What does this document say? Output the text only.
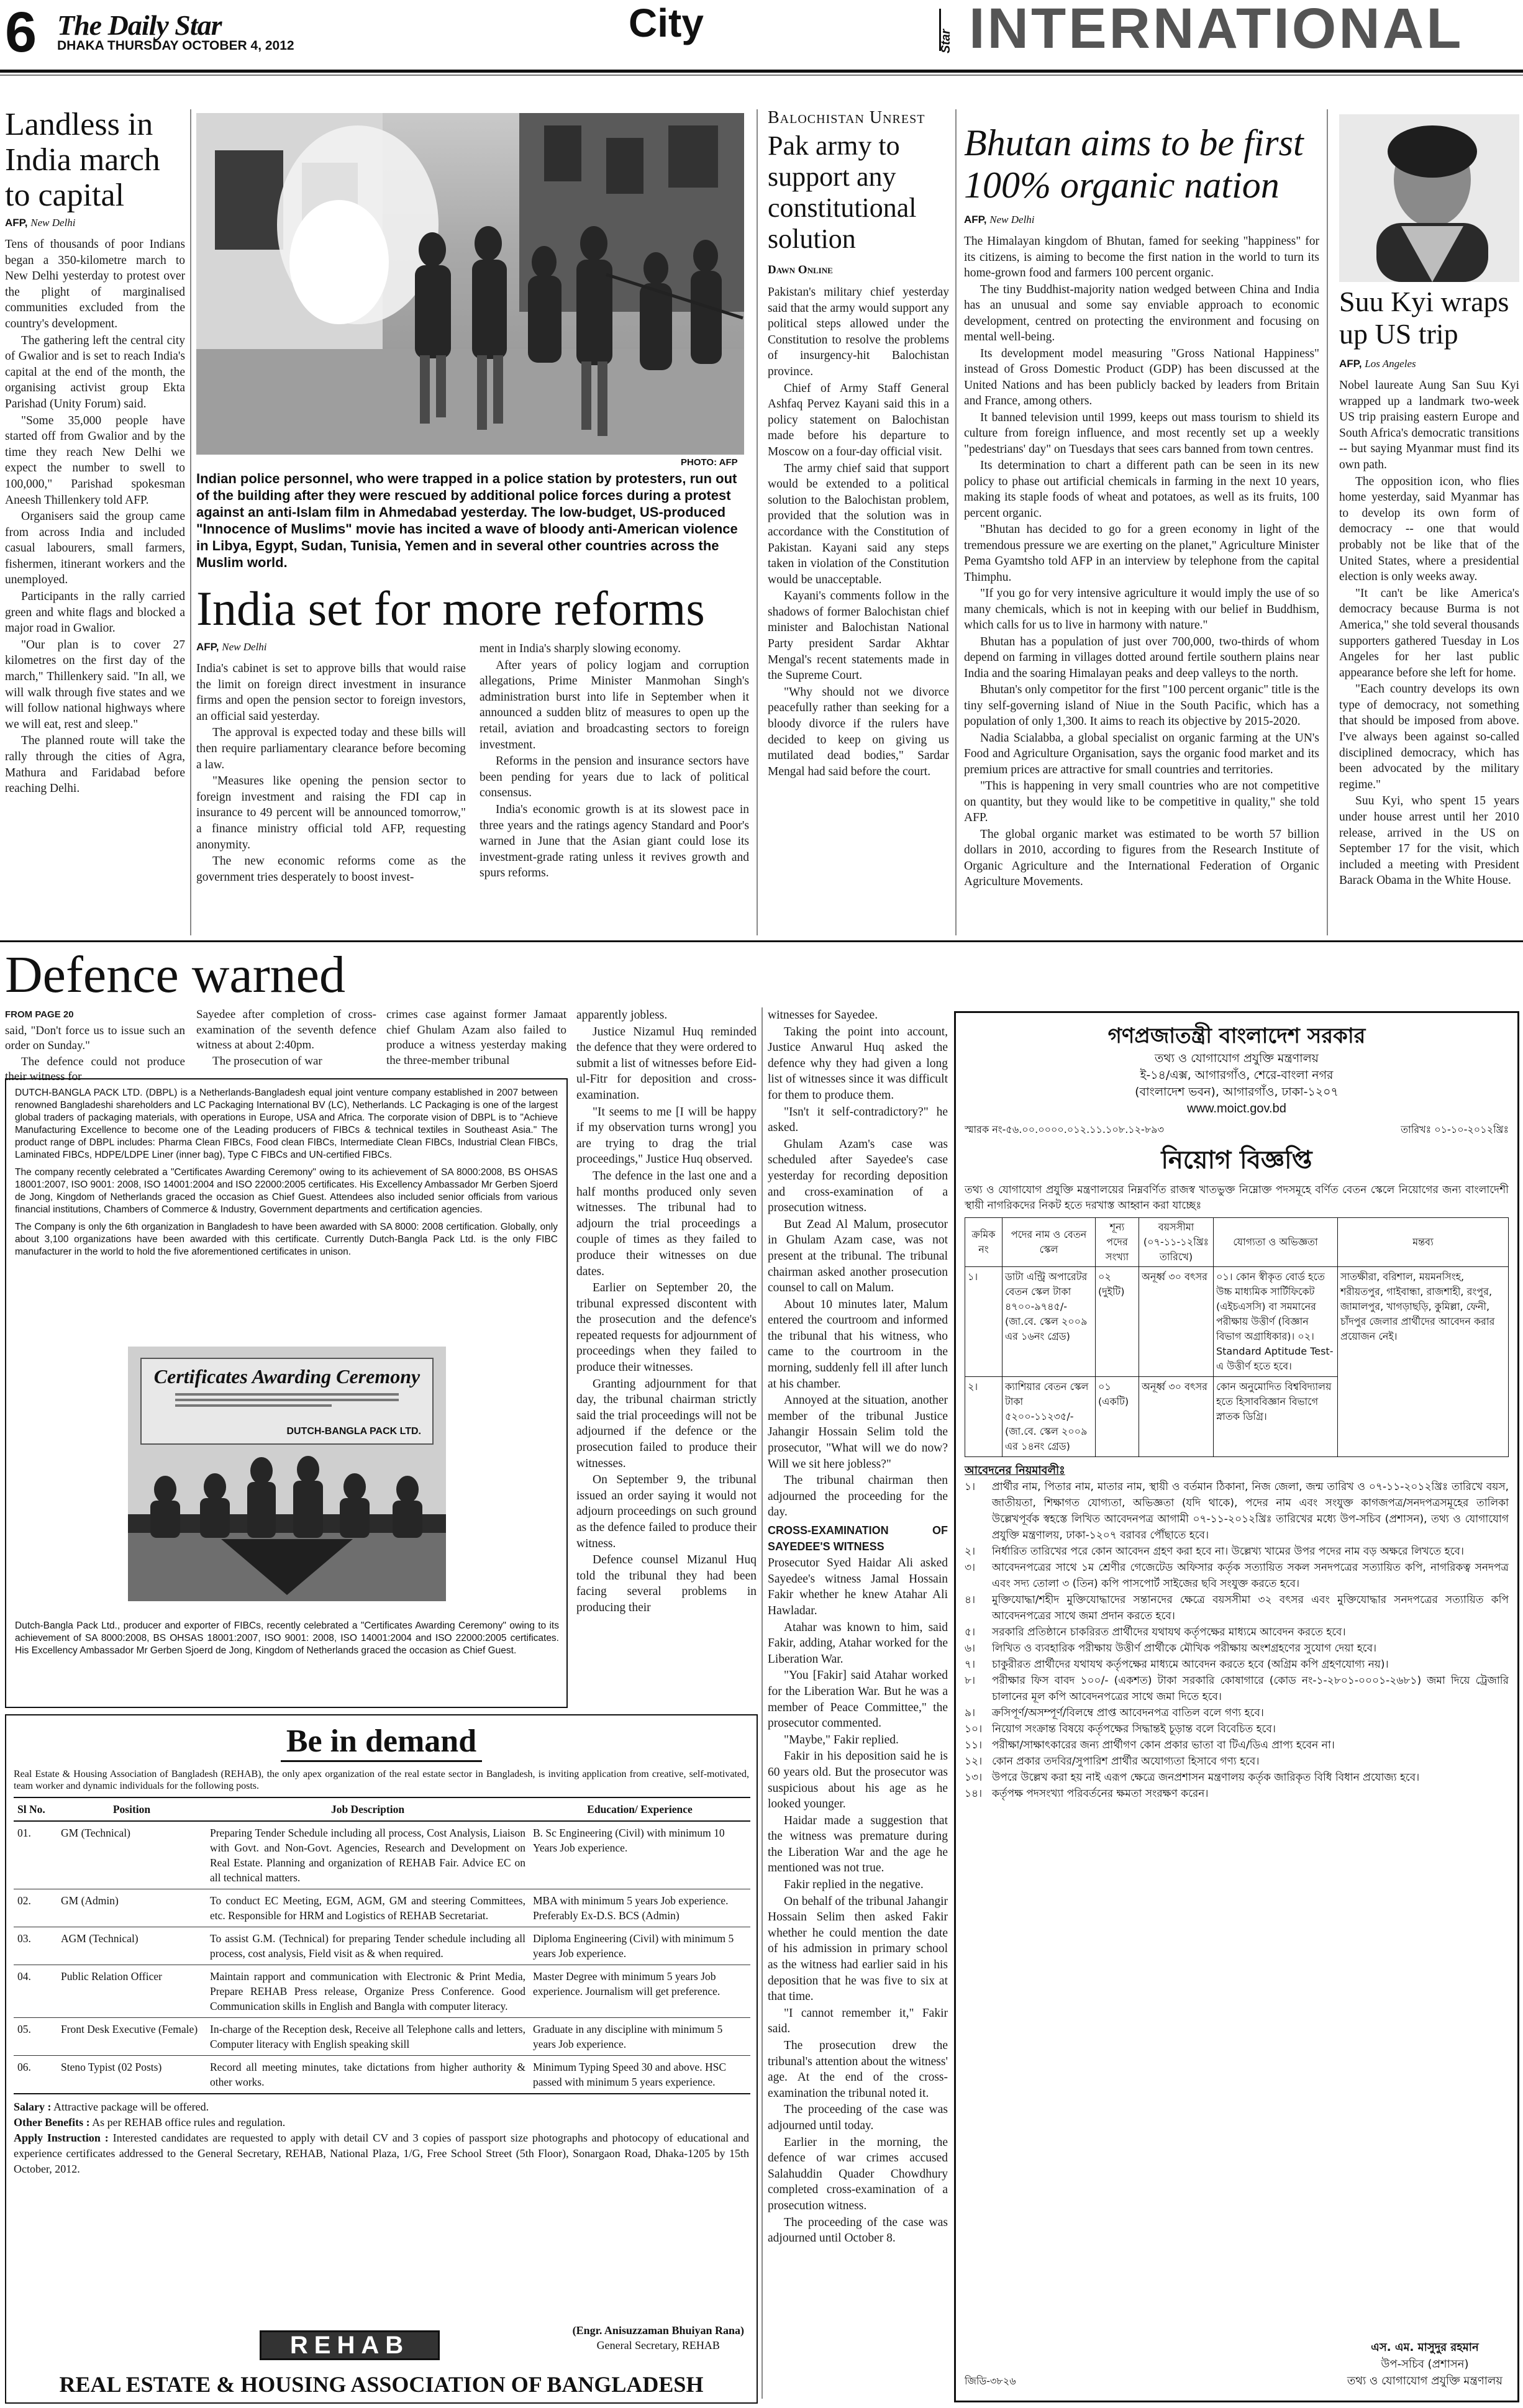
6 The Daily Star
DHAKA THURSDAY OCTOBER 4, 2012
City	Star INTERNATIONAL
Landless in India march to capital
AFP, New Delhi

Tens of thousands of poor Indians began a 350-kilometre march to New Delhi yesterday to protest over the plight of marginalised communities excluded from the country's development.

The gathering left the central city of Gwalior and is set to reach India's capital at the end of the month, the organising activist group Ekta Parishad (Unity Forum) said.

"Some 35,000 people have started off from Gwalior and by the time they reach New Delhi we expect the number to swell to 100,000," Parishad spokesman Aneesh Thillenkery told AFP.

Organisers said the group came from across India and included casual labourers, small farmers, fishermen, itinerant workers and the unemployed.

Participants in the rally carried green and white flags and blocked a major road in Gwalior.

"Our plan is to cover 27 kilometres on the first day of the march," Thillenkery said. "In all, we will walk through five states and we will follow national highways where we will eat, rest and sleep."

The planned route will take the rally through the cities of Agra, Mathura and Faridabad before reaching Delhi.

PHOTO: AFP
Indian police personnel, who were trapped in a police station by protesters, run out of the building after they were rescued by additional police forces during a protest against an anti-Islam film in Ahmedabad yesterday. The low-budget, US-produced "Innocence of Muslims" movie has incited a wave of bloody anti-American violence in Libya, Egypt, Sudan, Tunisia, Yemen and in several other countries across the Muslim world.
India set for more reforms
AFP, New Delhi

India's cabinet is set to approve bills that would raise the limit on foreign direct investment in insurance firms and open the pension sector to foreign investors, an official said yesterday.

The approval is expected today and these bills will then require parliamentary clearance before becoming a law.

"Measures like opening the pension sector to foreign investment and raising the FDI cap in insurance to 49 percent will be announced tomorrow," a finance ministry official told AFP, requesting anonymity.

The new economic reforms come as the government tries desperately to boost invest-

ment in India's sharply slowing economy.

After years of policy logjam and corruption allegations, Prime Minister Manmohan Singh's administration burst into life in September when it announced a sudden blitz of measures to open up the retail, aviation and broadcasting sectors to foreign investment.

Reforms in the pension and insurance sectors have been pending for years due to lack of political consensus.

India's economic growth is at its slowest pace in three years and the ratings agency Standard and Poor's warned in June that the Asian giant could lose its investment-grade rating unless it revives growth and spurs reforms.

Balochistan Unrest
Pak army to support any constitutional solution
Dawn Online

Pakistan's military chief yesterday said that the army would support any political steps allowed under the Constitution to resolve the problems of insurgency-hit Balochistan province.

Chief of Army Staff General Ashfaq Pervez Kayani said this in a policy statement on Balochistan made before his departure to Moscow on a four-day official visit.

The army chief said that support would be extended to a political solution to the Balochistan problem, provided that the solution was in accordance with the Constitution of Pakistan. Kayani said any steps taken in violation of the Constitution would be unacceptable.

Kayani's comments follow in the shadows of former Balochistan chief minister and Balochistan National Party president Sardar Akhtar Mengal's recent statements made in the Supreme Court.

"Why should not we divorce peacefully rather than seeking for a bloody divorce if the rulers have decided to keep on giving us mutilated dead bodies," Sardar Mengal had said before the court.

Bhutan aims to be first 100% organic nation
AFP, New Delhi

The Himalayan kingdom of Bhutan, famed for seeking "happiness" for its citizens, is aiming to become the first nation in the world to turn its home-grown food and farmers 100 percent organic.

The tiny Buddhist-majority nation wedged between China and India has an unusual and some say enviable approach to economic development, centred on protecting the environment and focusing on mental well-being.

Its development model measuring "Gross National Happiness" instead of Gross Domestic Product (GDP) has been discussed at the United Nations and has been publicly backed by leaders from Britain and France, among others.

It banned television until 1999, keeps out mass tourism to shield its culture from foreign influence, and most recently set up a weekly "pedestrians' day" on Tuesdays that sees cars banned from town centres.

Its determination to chart a different path can be seen in its new policy to phase out artificial chemicals in farming in the next 10 years, making its staple foods of wheat and potatoes, as well as its fruits, 100 percent organic.

"Bhutan has decided to go for a green economy in light of the tremendous pressure we are exerting on the planet," Agriculture Minister Pema Gyamtsho told AFP in an interview by telephone from the capital Thimphu.

"If you go for very intensive agriculture it would imply the use of so many chemicals, which is not in keeping with our belief in Buddhism, which calls for us to live in harmony with nature."

Bhutan has a population of just over 700,000, two-thirds of whom depend on farming in villages dotted around fertile southern plains near India and the soaring Himalayan peaks and deep valleys to the north.

Bhutan's only competitor for the first "100 percent organic" title is the tiny self-governing island of Niue in the South Pacific, which has a population of only 1,300. It aims to reach its objective by 2015-2020.

Nadia Scialabba, a global specialist on organic farming at the UN's Food and Agriculture Organisation, says the organic food market and its premium prices are attractive for small countries and territories.

"This is happening in very small countries who are not competitive on quantity, but they would like to be competitive in quality," she told AFP.

The global organic market was estimated to be worth 57 billion dollars in 2010, according to figures from the Research Institute of Organic Agriculture and the International Federation of Organic Agriculture Movements.

Suu Kyi wraps up US trip
AFP, Los Angeles

Nobel laureate Aung San Suu Kyi wrapped up a landmark two-week US trip praising eastern Europe and South Africa's democratic transitions -- but saying Myanmar must find its own path.

The opposition icon, who flies home yesterday, said Myanmar has to develop its own form of democracy -- one that would probably not be like that of the United States, where a presidential election is only weeks away.

"It can't be like America's democracy because Burma is not America," she told several thousands supporters gathered Tuesday in Los Angeles for her last public appearance before she left for home.

"Each country develops its own type of democracy, not something that should be imposed from above. I've always been against so-called disciplined democracy, which has been advocated by the military regime."

Suu Kyi, who spent 15 years under house arrest until her 2010 release, arrived in the US on September 17 for the visit, which included a meeting with President Barack Obama in the White House.

Defence warned

FROM PAGE 20

said, "Don't force us to issue such an order on Sunday."

The defence could not produce their witness for

Sayedee after completion of cross-examination of the seventh defence witness at about 2:40pm.

The prosecution of war

crimes case against former Jamaat chief Ghulam Azam also failed to produce a witness yesterday making the three-member tribunal

apparently jobless.

Justice Nizamul Huq reminded the defence that they were ordered to submit a list of witnesses before Eid-ul-Fitr for deposition and cross-examination.

"It seems to me [I will be happy if my observation turns wrong] you are trying to drag the trial proceedings," Justice Huq observed.

The defence in the last one and a half months produced only seven witnesses. The tribunal had to adjourn the trial proceedings a couple of times as they failed to produce their witnesses on due dates.

Earlier on September 20, the tribunal expressed discontent with the prosecution and the defence's repeated requests for adjournment of proceedings when they failed to produce their witnesses.

Granting adjournment for that day, the tribunal chairman strictly said the trial proceedings will not be adjourned if the defence or the prosecution failed to produce their witnesses.

On September 9, the tribunal issued an order saying it would not adjourn proceedings on such ground as the defence failed to produce their witness.

Defence counsel Mizanul Huq told the tribunal they had been facing several problems in producing their

witnesses for Sayedee.

Taking the point into account, Justice Anwarul Huq asked the defence why they had given a long list of witnesses since it was difficult for them to produce them.

"Isn't it self-contradictory?" he asked.

Ghulam Azam's case was scheduled after Sayedee's case yesterday for recording deposition and cross-examination of a prosecution witness.

But Zead Al Malum, prosecutor in Ghulam Azam case, was not present at the tribunal. The tribunal chairman asked another prosecution counsel to call on Malum.

About 10 minutes later, Malum entered the courtroom and informed the tribunal that his witness, who came to the courtroom in the morning, suddenly fell ill after lunch at his chamber.

Annoyed at the situation, another member of the tribunal Justice Jahangir Hossain Selim told the prosecutor, "What will we do now? Will we sit here jobless?"

The tribunal chairman then adjourned the proceeding for the day.

CROSS-EXAMINATION OF SAYEDEE'S WITNESS

Prosecutor Syed Haidar Ali asked Sayedee's witness Jamal Hossain Fakir whether he knew Atahar Ali Hawladar.

Atahar was known to him, said Fakir, adding, Atahar worked for the Liberation War.

"You [Fakir] said Atahar worked for the Liberation War. But he was a member of Peace Committee," the prosecutor commented.

"Maybe," Fakir replied.

Fakir in his deposition said he is 60 years old. But the prosecutor was suspicious about his age as he looked younger.

Haidar made a suggestion that the witness was premature during the Liberation War and the age he mentioned was not true.

Fakir replied in the negative.

On behalf of the tribunal Jahangir Hossain Selim then asked Fakir whether he could mention the date of his admission in primary school as the witness had earlier said in his deposition that he was five to six at that time.

"I cannot remember it," Fakir said.

The prosecution drew the tribunal's attention about the witness' age. At the end of the cross-examination the tribunal noted it.

The proceeding of the case was adjourned until today.

Earlier in the morning, the defence of war crimes accused Salahuddin Quader Chowdhury completed cross-examination of a prosecution witness.

The proceeding of the case was adjourned until October 8.

DUTCH-BANGLA PACK LTD. (DBPL) is a Netherlands-Bangladesh equal joint venture company established in 2007 between renowned Bangladeshi shareholders and LC Packaging International BV (LC), Netherlands. LC Packaging is one of the largest global traders of packaging materials, with operations in Europe, USA and Africa. The corporate vision of DBPL is to "Achieve Manufacturing Excellence to become one of the Leading producers of FIBCs & technical textiles in Southeast Asia." The product range of DBPL includes: Pharma Clean FIBCs, Food clean FIBCs, Intermediate Clean FIBCs, Industrial Clean FIBCs, Laminated FIBCs, HDPE/LDPE Liner (inner bag), Type C FIBCs and UN-certified FIBCs.

The company recently celebrated a "Certificates Awarding Ceremony" owing to its achievement of SA 8000:2008, BS OHSAS 18001:2007, ISO 9001: 2008, ISO 14001:2004 and ISO 22000:2005 certificates. His Excellency Ambassador Mr Gerben Sjoerd de Jong, Kingdom of Netherlands graced the occasion as Chief Guest. Attendees also included senior officials from various financial institutions, Chambers of Commerce & Industry, Government departments and certification agencies.

The Company is only the 6th organization in Bangladesh to have been awarded with SA 8000: 2008 certification. Globally, only about 3,100 organizations have been awarded with this certificate. Currently Dutch-Bangla Pack Ltd. is the only FIBC manufacturer in the world to hold the five aforementioned certificates in unison.

Certificates Awarding Ceremony
DUTCH-BANGLA PACK LTD.
Dutch-Bangla Pack Ltd., producer and exporter of FIBCs, recently celebrated a "Certificates Awarding Ceremony" owing to its achievement of SA 8000:2008, BS OHSAS 18001:2007, ISO 9001: 2008, ISO 14001:2004 and ISO 22000:2005 certificates. His Excellency Ambassador Mr Gerben Sjoerd de Jong, Kingdom of Netherlands graced the occasion as Chief Guest.
Be in demand
Real Estate & Housing Association of Bangladesh (REHAB), the only apex organization of the real estate sector in Bangladesh, is inviting application from creative, self-motivated, team worker and dynamic individuals for the following posts.
Sl No.	Position	Job Description	Education/ Experience
01.	GM (Technical)	Preparing Tender Schedule including all process, Cost Analysis, Liaison with Govt. and Non-Govt. Agencies, Research and Development on Real Estate. Planning and organization of REHAB Fair. Advice EC on all technical matters.	B. Sc Engineering (Civil) with minimum 10 Years Job experience.
02.	GM (Admin)	To conduct EC Meeting, EGM, AGM, GM and steering Committees, etc. Responsible for HRM and Logistics of REHAB Secretariat.	MBA with minimum 5 years Job experience. Preferably Ex-D.S. BCS (Admin)
03.	AGM (Technical)	To assist G.M. (Technical) for preparing Tender schedule including all process, cost analysis, Field visit as & when required.	Diploma Engineering (Civil) with minimum 5 years Job experience.
04.	Public Relation Officer	Maintain rapport and communication with Electronic & Print Media, Prepare REHAB Press release, Organize Press Conference. Good Communication skills in English and Bangla with computer literacy.	Master Degree with minimum 5 years Job experience. Journalism will get preference.
05.	Front Desk Executive (Female)	In-charge of the Reception desk, Receive all Telephone calls and letters, Computer literacy with English speaking skill	Graduate in any discipline with minimum 5 years Job experience.
06.	Steno Typist (02 Posts)	Record all meeting minutes, take dictations from higher authority & other works.	Minimum Typing Speed 30 and above. HSC passed with minimum 5 years experience.
Salary : Attractive package will be offered.
Other Benefits : As per REHAB office rules and regulation.
Apply Instruction : Interested candidates are requested to apply with detail CV and 3 copies of passport size photographs and photocopy of educational and experience certificates addressed to the General Secretary, REHAB, National Plaza, 1/G, Free School Street (5th Floor), Sonargaon Road, Dhaka-1205 by 15th October, 2012.
(Engr. Anisuzzaman Bhuiyan Rana)
General Secretary, REHAB
REHAB
REAL ESTATE & HOUSING ASSOCIATION OF BANGLADESH
গণপ্রজাতন্ত্রী বাংলাদেশ সরকার
তথ্য ও যোগাযোগ প্রযুক্তি মন্ত্রণালয়
ই-১৪/এক্স, আগারগাঁও, শেরে-বাংলা নগর
(বাংলাদেশ ভবন), আগারগাঁও, ঢাকা-১২০৭
www.moict.gov.bd
স্মারক নং-৫৬.০০.০০০০.০১২.১১.১০৮.১২-৮৯৩	তারিখঃ ০১-১০-২০১২খ্রিঃ
নিয়োগ বিজ্ঞপ্তি
তথ্য ও যোগাযোগ প্রযুক্তি মন্ত্রণালয়ের নিম্নবর্ণিত রাজস্ব খাতভুক্ত নিম্নোক্ত পদসমূহে বর্ণিত বেতন স্কেলে নিয়োগের জন্য বাংলাদেশী স্থায়ী নাগরিকদের নিকট হতে দরখাস্ত আহ্বান করা যাচ্ছেঃ
ক্রমিক নং	পদের নাম ও বেতন স্কেল	শূন্য পদের সংখ্যা	বয়সসীমা (০৭-১১-১২খ্রিঃ তারিখে)	যোগ্যতা ও অভিজ্ঞতা	মন্তব্য
১।	ডাটা এন্ট্রি অপারেটর বেতন স্কেল টাকা ৪৭০০-৯৭৪৫/- (জা.বে. স্কেল ২০০৯ এর ১৬নং গ্রেড)	০২ (দুইটি)	অনূর্ধ্ব ৩০ বৎসর	০১। কোন স্বীকৃত বোর্ড হতে উচ্চ মাধ্যমিক সার্টিফিকেট (এইচএসসি) বা সমমানের পরীক্ষায় উত্তীর্ণ (বিজ্ঞান বিভাগ অগ্রাধিকার)। ০২। Standard Aptitude Test-এ উত্তীর্ণ হতে হবে।	সাতক্ষীরা, বরিশাল, ময়মনসিংহ, শরীয়তপুর, গাইবান্ধা, রাজশাহী, রংপুর, জামালপুর, খাগড়াছড়ি, কুমিল্লা, ফেনী, চাঁদপুর জেলার প্রার্থীদের আবেদন করার প্রয়োজন নেই।
২।	ক্যাশিয়ার বেতন স্কেল টাকা ৫২০০-১১২৩৫/- (জা.বে. স্কেল ২০০৯ এর ১৪নং গ্রেড)	০১ (একটি)	অনূর্ধ্ব ৩০ বৎসর	কোন অনুমোদিত বিশ্ববিদ্যালয় হতে হিসাববিজ্ঞান বিভাগে স্নাতক ডিগ্রি।	
আবেদনের নিয়মাবলীঃ
১।	প্রার্থীর নাম, পিতার নাম, মাতার নাম, স্থায়ী ও বর্তমান ঠিকানা, নিজ জেলা, জন্ম তারিখ ও ০৭-১১-২০১২খ্রিঃ তারিখে বয়স, জাতীয়তা, শিক্ষাগত যোগ্যতা, অভিজ্ঞতা (যদি থাকে), পদের নাম এবং সংযুক্ত কাগজপত্র/সনদপত্রসমূহের তালিকা উল্লেখপূর্বক স্বহস্তে লিখিত আবেদনপত্র আগামী ০৭-১১-২০১২খ্রিঃ তারিখের মধ্যে উপ-সচিব (প্রশাসন), তথ্য ও যোগাযোগ প্রযুক্তি মন্ত্রণালয়, ঢাকা-১২০৭ বরাবর পৌঁছাতে হবে।
২।	নির্ধারিত তারিখের পরে কোন আবেদন গ্রহণ করা হবে না। উল্লেখ্য খামের উপর পদের নাম বড় অক্ষরে লিখতে হবে।
৩।	আবেদনপত্রের সাথে ১ম শ্রেণীর গেজেটেড অফিসার কর্তৃক সত্যায়িত সকল সনদপত্রের সত্যায়িত কপি, নাগরিকত্ব সনদপত্র এবং সদ্য তোলা ৩ (তিন) কপি পাসপোর্ট সাইজের ছবি সংযুক্ত করতে হবে।
৪।	মুক্তিযোদ্ধা/শহীদ মুক্তিযোদ্ধাদের সন্তানদের ক্ষেত্রে বয়সসীমা ৩২ বৎসর এবং মুক্তিযোদ্ধার সনদপত্রের সত্যায়িত কপি আবেদনপত্রের সাথে জমা প্রদান করতে হবে।
৫।	সরকারি প্রতিষ্ঠানে চাকরিরত প্রার্থীদের যথাযথ কর্তৃপক্ষের মাধ্যমে আবেদন করতে হবে।
৬।	লিখিত ও ব্যবহারিক পরীক্ষায় উত্তীর্ণ প্রার্থীকে মৌখিক পরীক্ষায় অংশগ্রহণের সুযোগ দেয়া হবে।
৭।	চাকুরীরত প্রার্থীদের যথাযথ কর্তৃপক্ষের মাধ্যমে আবেদন করতে হবে (অগ্রিম কপি গ্রহণযোগ্য নয়)।
৮।	পরীক্ষার ফিস বাবদ ১০০/- (একশত) টাকা সরকারি কোষাগারে (কোড নং-১-২৮০১-০০০১-২৬৮১) জমা দিয়ে ট্রেজারি চালানের মূল কপি আবেদনপত্রের সাথে জমা দিতে হবে।
৯।	ক্রসিপূর্ণ/অসম্পূর্ণ/বিলম্বে প্রাপ্ত আবেদনপত্র বাতিল বলে গণ্য হবে।
১০। নিয়োগ সংক্রান্ত বিষয়ে কর্তৃপক্ষের সিদ্ধান্তই চূড়ান্ত বলে বিবেচিত হবে।
১১। পরীক্ষা/সাক্ষাৎকারের জন্য প্রার্থীগণ কোন প্রকার ভাতা বা টিএ/ডিএ প্রাপ্য হবেন না।
১২। কোন প্রকার তদবির/সুপারিশ প্রার্থীর অযোগ্যতা হিসাবে গণ্য হবে।
১৩। উপরে উল্লেখ করা হয় নাই এরূপ ক্ষেত্রে জনপ্রশাসন মন্ত্রণালয় কর্তৃক জারিকৃত বিধি বিধান প্রযোজ্য হবে।
১৪। কর্তৃপক্ষ পদসংখ্যা পরিবর্তনের ক্ষমতা সংরক্ষণ করেন।
এস. এম. মাসুদুর রহমান
উপ-সচিব (প্রশাসন)
তথ্য ও যোগাযোগ প্রযুক্তি মন্ত্রণালয়
জিডি-৩৮২৬
